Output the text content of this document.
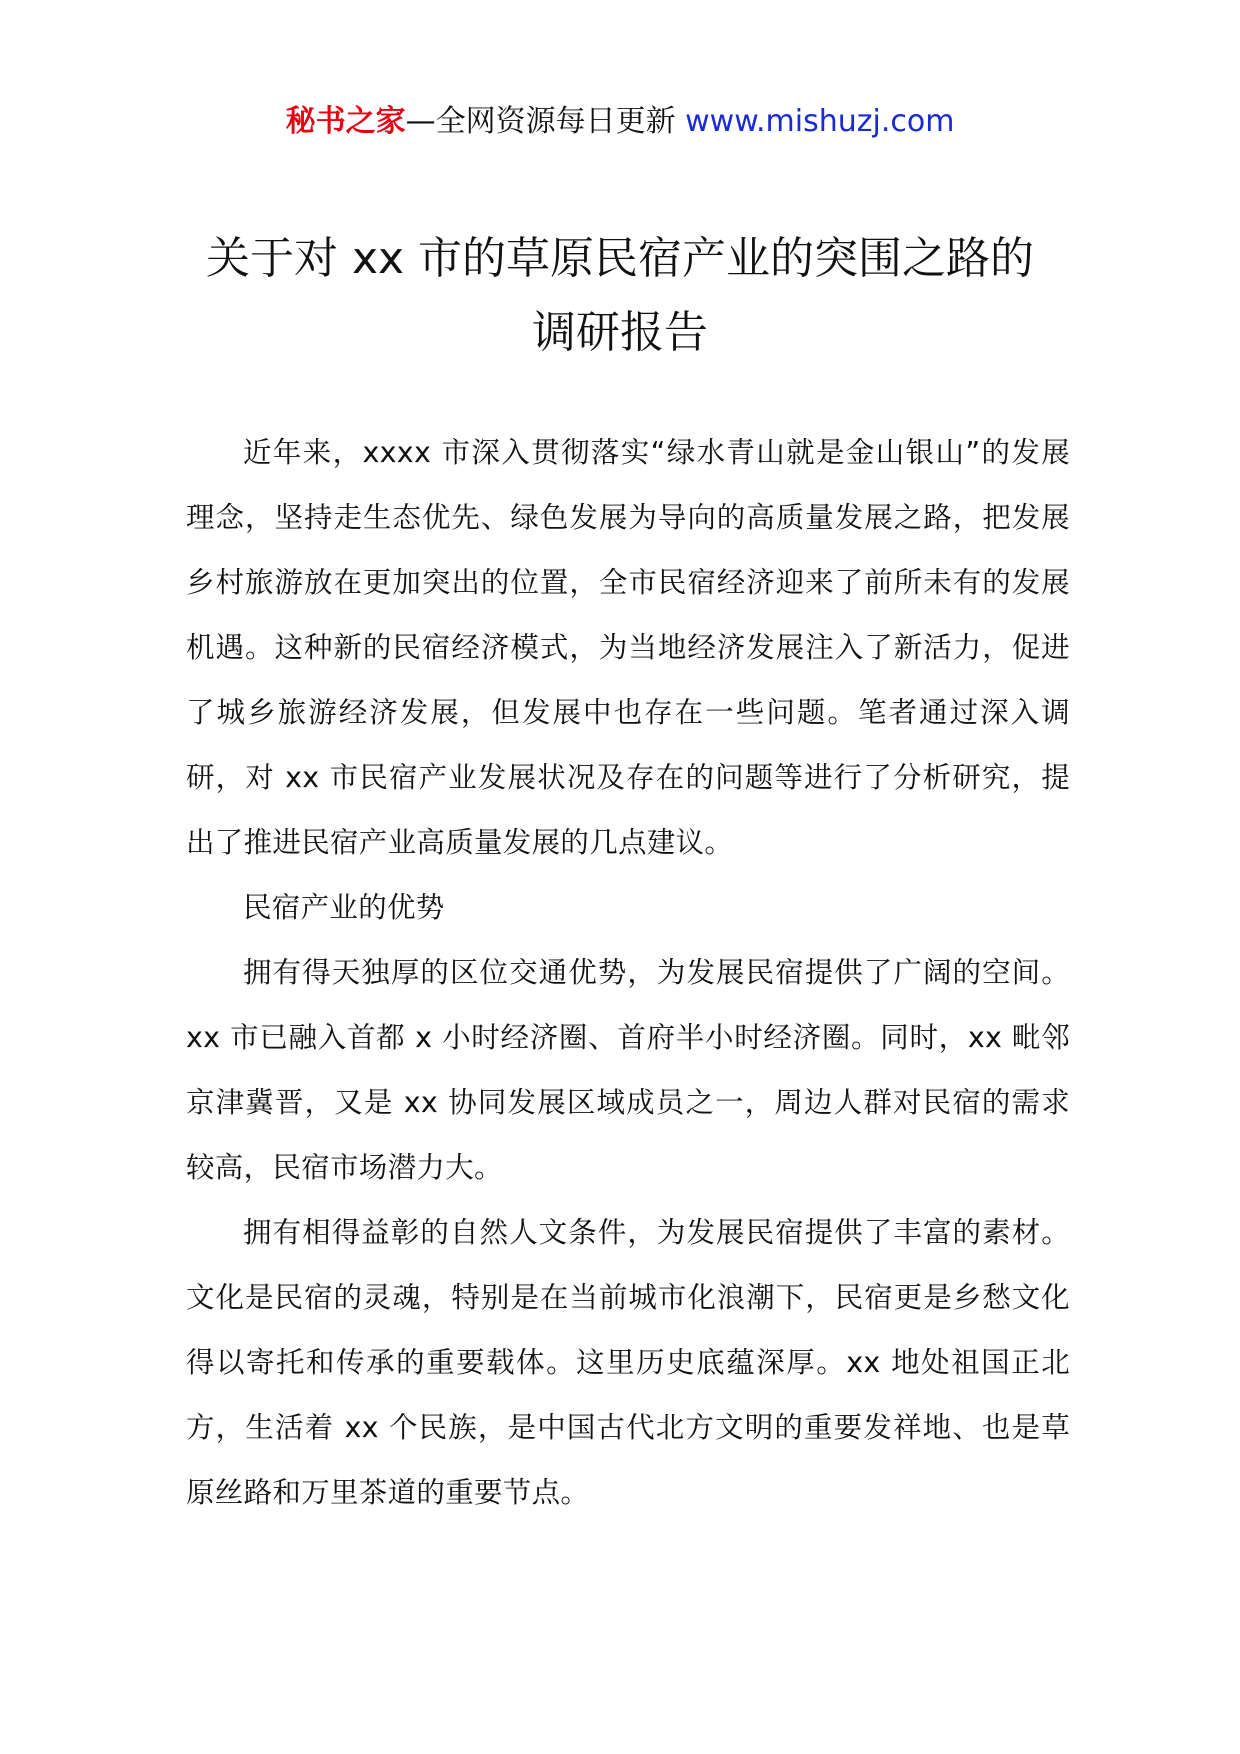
秘书之家—全网资源每日更新 www.mishuzj.com
关于对 xx 市的草原民宿产业的突围之路的
调研报告

近年来，xxxx 市深入贯彻落实“绿水青山就是金山银山”的发展理念，坚持走生态优先、绿色发展为导向的高质量发展之路，把发展乡村旅游放在更加突出的位置，全市民宿经济迎来了前所未有的发展机遇。这种新的民宿经济模式，为当地经济发展注入了新活力，促进了城乡旅游经济发展，但发展中也存在一些问题。笔者通过深入调研，对 xx 市民宿产业发展状况及存在的问题等进行了分析研究，提出了推进民宿产业高质量发展的几点建议。

民宿产业的优势

拥有得天独厚的区位交通优势，为发展民宿提供了广阔的空间。xx 市已融入首都 x 小时经济圈、首府半小时经济圈。同时，xx 毗邻京津冀晋，又是 xx 协同发展区域成员之一，周边人群对民宿的需求较高，民宿市场潜力大。

拥有相得益彰的自然人文条件，为发展民宿提供了丰富的素材。文化是民宿的灵魂，特别是在当前城市化浪潮下，民宿更是乡愁文化得以寄托和传承的重要载体。这里历史底蕴深厚。xx 地处祖国正北方，生活着 xx 个民族，是中国古代北方文明的重要发祥地、也是草原丝路和万里茶道的重要节点。
